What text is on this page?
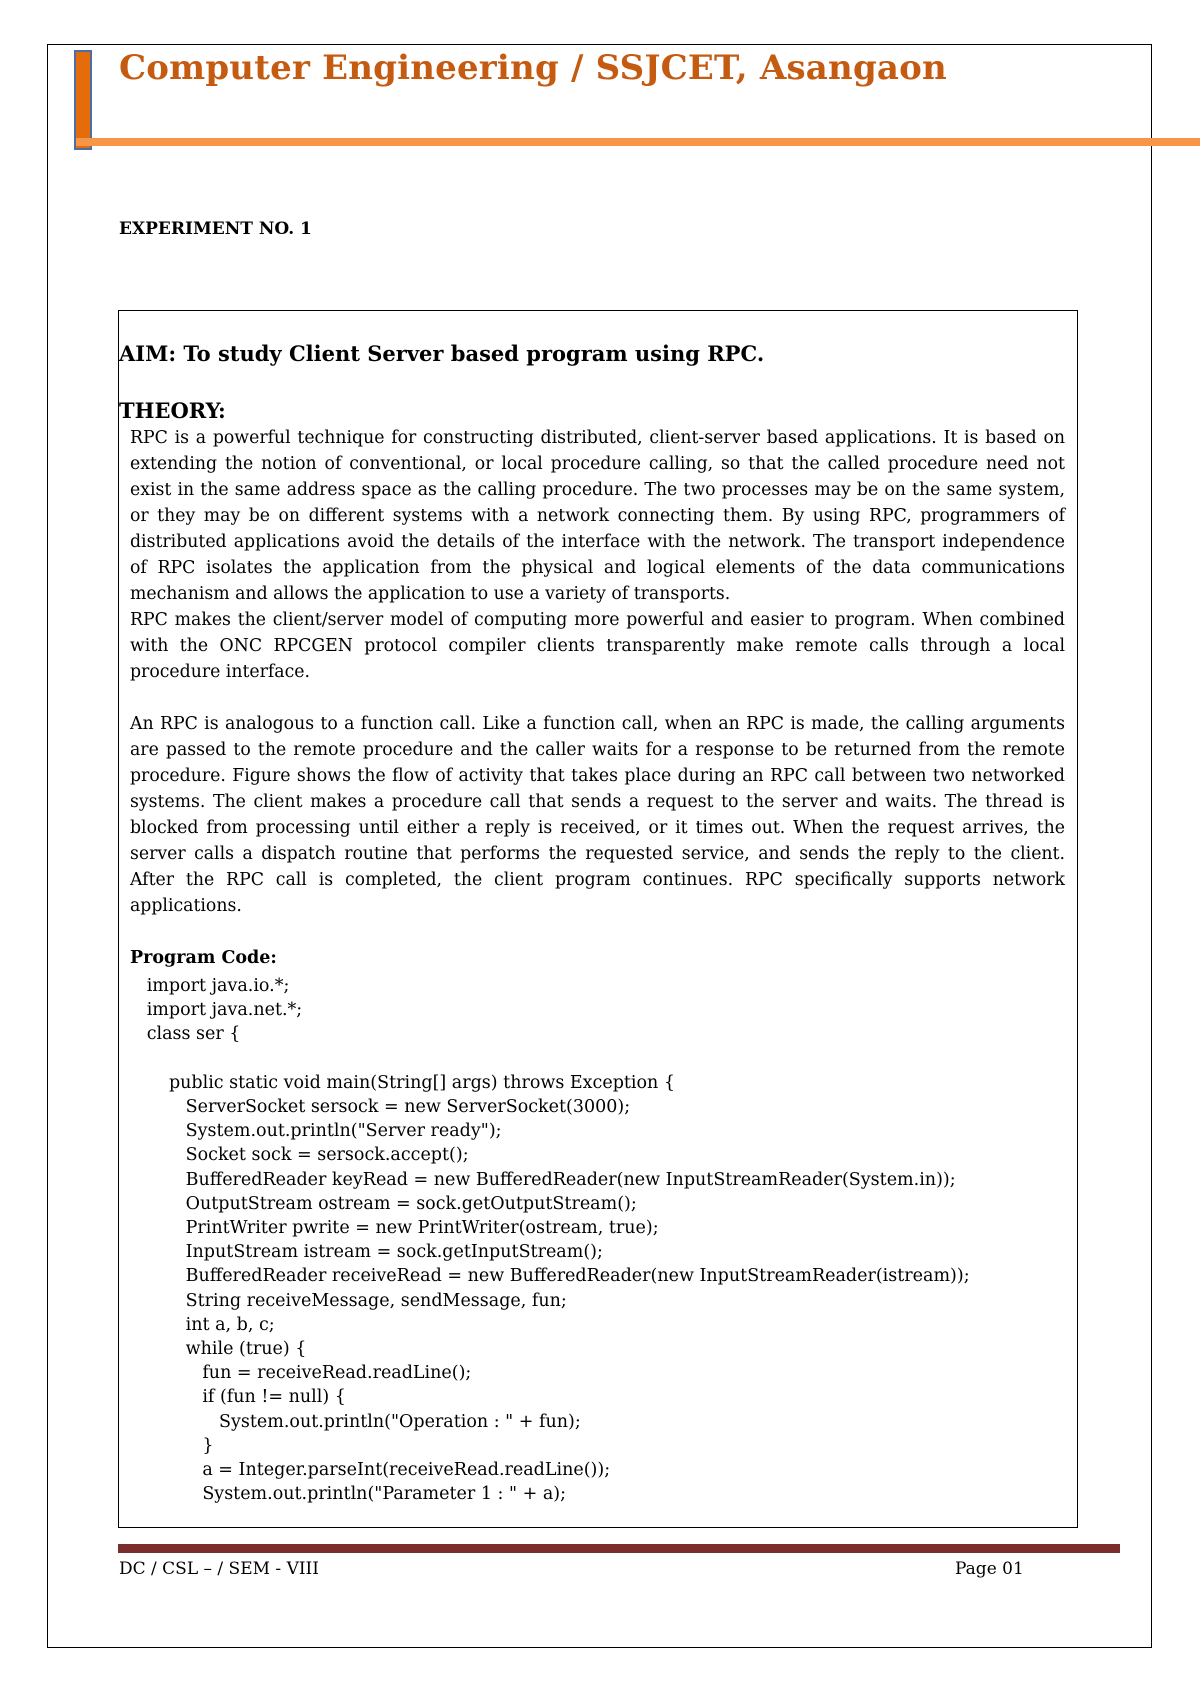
Computer Engineering / SSJCET, Asangaon
EXPERIMENT NO. 1
AIM: To study Client Server based program using RPC.
THEORY:

RPC is a powerful technique for constructing distributed, client-server based applications. It is based on extending the notion of conventional, or local procedure calling, so that the called procedure need not exist in the same address space as the calling procedure. The two processes may be on the same system, or they may be on different systems with a network connecting them. By using RPC, programmers of distributed applications avoid the details of the interface with the network. The transport independence of RPC isolates the application from the physical and logical elements of the data communications mechanism and allows the application to use a variety of transports.

RPC makes the client/server model of computing more powerful and easier to program. When combined with the ONC RPCGEN protocol compiler clients transparently make remote calls through a local procedure interface.

An RPC is analogous to a function call. Like a function call, when an RPC is made, the calling arguments are passed to the remote procedure and the caller waits for a response to be returned from the remote procedure. Figure shows the flow of activity that takes place during an RPC call between two networked systems. The client makes a procedure call that sends a request to the server and waits. The thread is blocked from processing until either a reply is received, or it times out. When the request arrives, the server calls a dispatch routine that performs the requested service, and sends the reply to the client. After the RPC call is completed, the client program continues. RPC specifically supports network applications.

Program Code:
import java.io.*;
import java.net.*;
class ser {

public static void main(String[] args) throws Exception {
ServerSocket sersock = new ServerSocket(3000);
System.out.println("Server ready");
Socket sock = sersock.accept();
BufferedReader keyRead = new BufferedReader(new InputStreamReader(System.in));
OutputStream ostream = sock.getOutputStream();
PrintWriter pwrite = new PrintWriter(ostream, true);
InputStream istream = sock.getInputStream();
BufferedReader receiveRead = new BufferedReader(new InputStreamReader(istream));
String receiveMessage, sendMessage, fun;
int a, b, c;
while (true) {
fun = receiveRead.readLine();
if (fun != null) {
System.out.println("Operation : " + fun);
}
a = Integer.parseInt(receiveRead.readLine());
System.out.println("Parameter 1 : " + a);
DC / CSL – / SEM - VIII	Page 01
